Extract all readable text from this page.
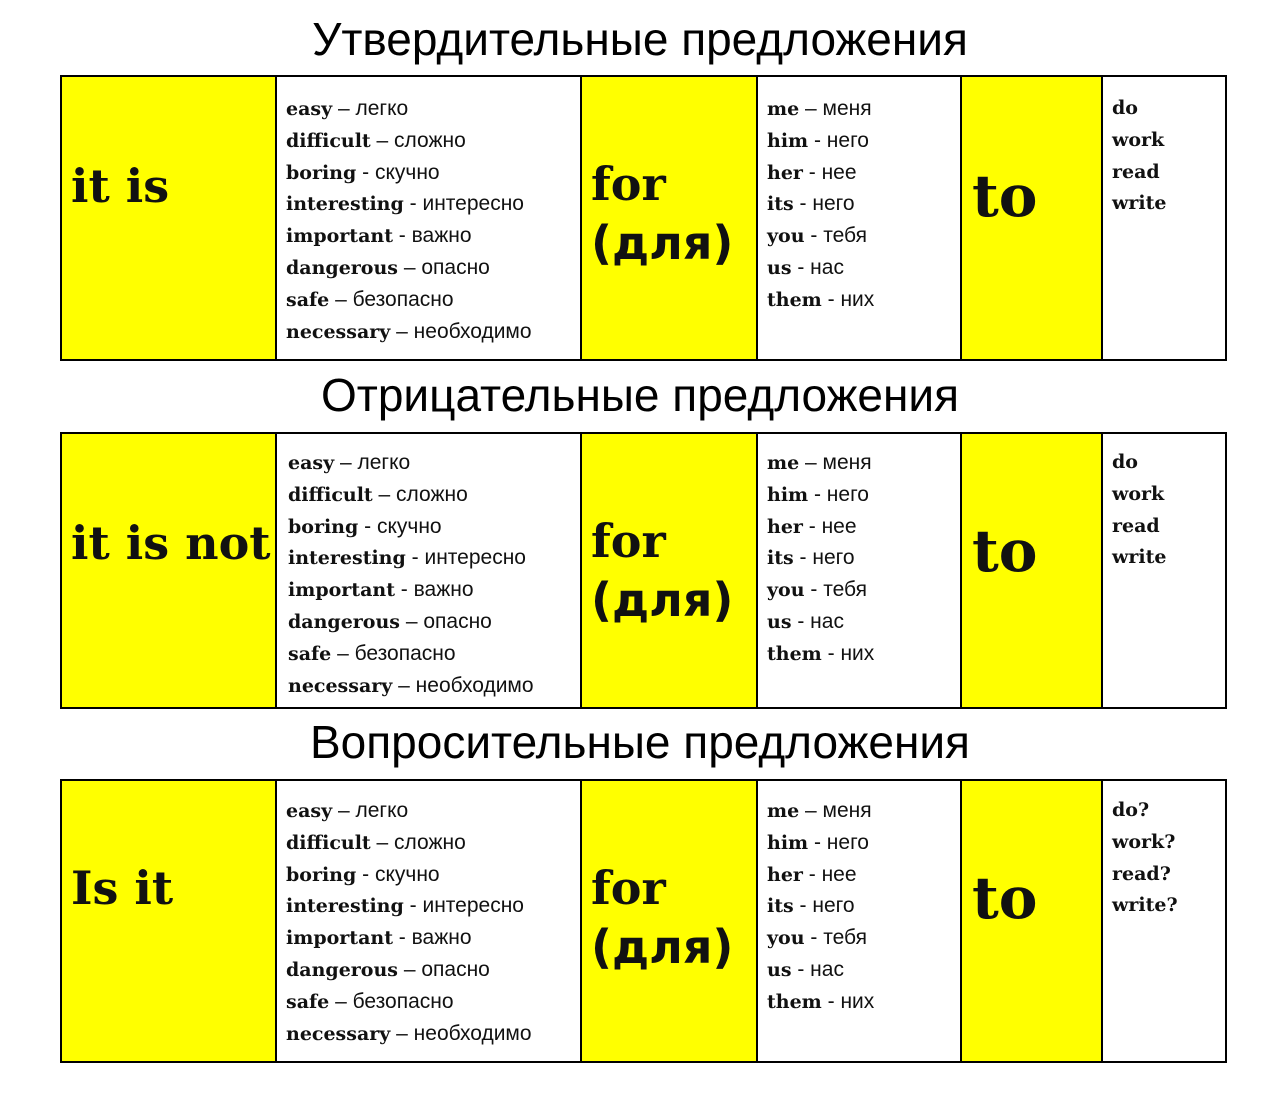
Утвердительные предложения
it is
easy – легко
difficult – сложно
boring - скучно
interesting - интересно
important - важно
dangerous – опасно
safe – безопасно
necessary – необходимо
for
(для)
me – меня
him - него
her - нее
its - него
you - тебя
us - нас
them - них
to
do
work
read
write
Отрицательные предложения
it is not
easy – легко
difficult – сложно
boring - скучно
interesting - интересно
important - важно
dangerous – опасно
safe – безопасно
necessary – необходимо
for
(для)
me – меня
him - него
her - нее
its - него
you - тебя
us - нас
them - них
to
do
work
read
write
Вопросительные предложения
Is it
easy – легко
difficult – сложно
boring - скучно
interesting - интересно
important - важно
dangerous – опасно
safe – безопасно
necessary – необходимо
for
(для)
me – меня
him - него
her - нее
its - него
you - тебя
us - нас
them - них
to
do?
work?
read?
write?
